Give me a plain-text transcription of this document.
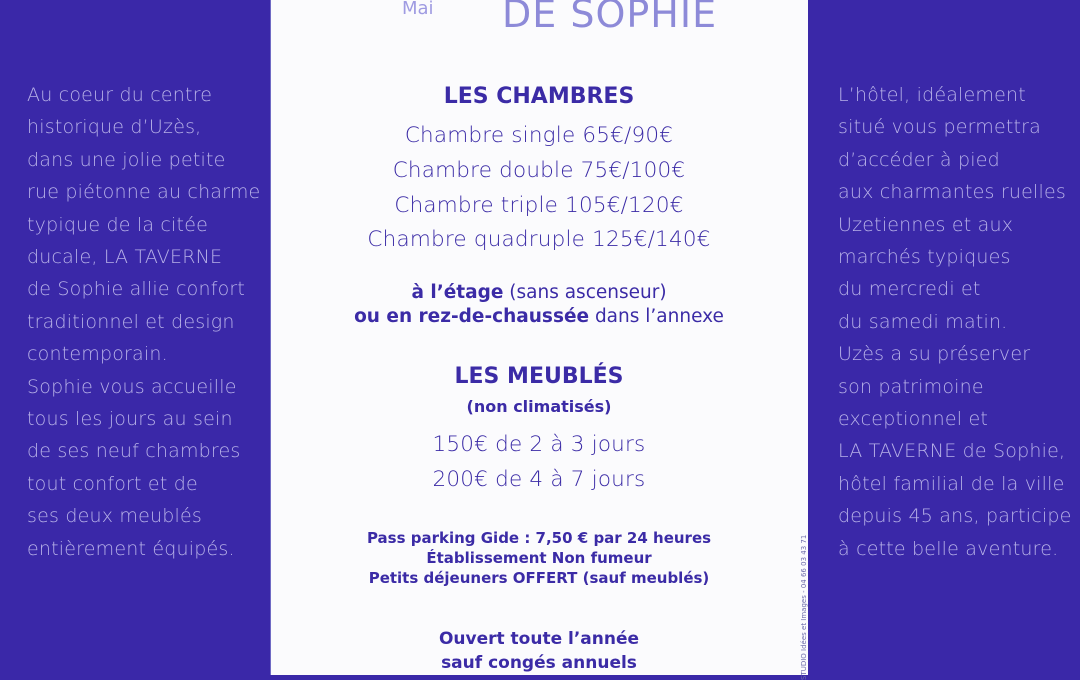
Au coeur du centre
historique d’Uzès,
dans une jolie petite
rue piétonne au charme
typique de la citée
ducale, LA TAVERNE
de Sophie allie confort
traditionnel et design
contemporain.
Sophie vous accueille
tous les jours au sein
de ses neuf chambres
tout confort et de
ses deux meublés
entièrement équipés.
Mai DE SOPHIE
LES CHAMBRES
Chambre single 65€/90€
Chambre double 75€/100€
Chambre triple 105€/120€
Chambre quadruple 125€/140€
à l’étage (sans ascenseur)
ou en rez-de-chaussée dans l’annexe
LES MEUBLÉS
(non climatisés)
150€ de 2 à 3 jours
200€ de 4 à 7 jours
Pass parking Gide : 7,50 € par 24 heures
Établissement Non fumeur
Petits déjeuners OFFERT (sauf meublés)
Ouvert toute l’année
sauf congés annuels	STUDIO Idées et Images - 04 66 03 43 71
L’hôtel, idéalement
situé vous permettra
d’accéder à pied
aux charmantes ruelles
Uzetiennes et aux
marchés typiques
du mercredi et
du samedi matin.
Uzès a su préserver
son patrimoine
exceptionnel et
LA TAVERNE de Sophie,
hôtel familial de la ville
depuis 45 ans, participe
à cette belle aventure.
